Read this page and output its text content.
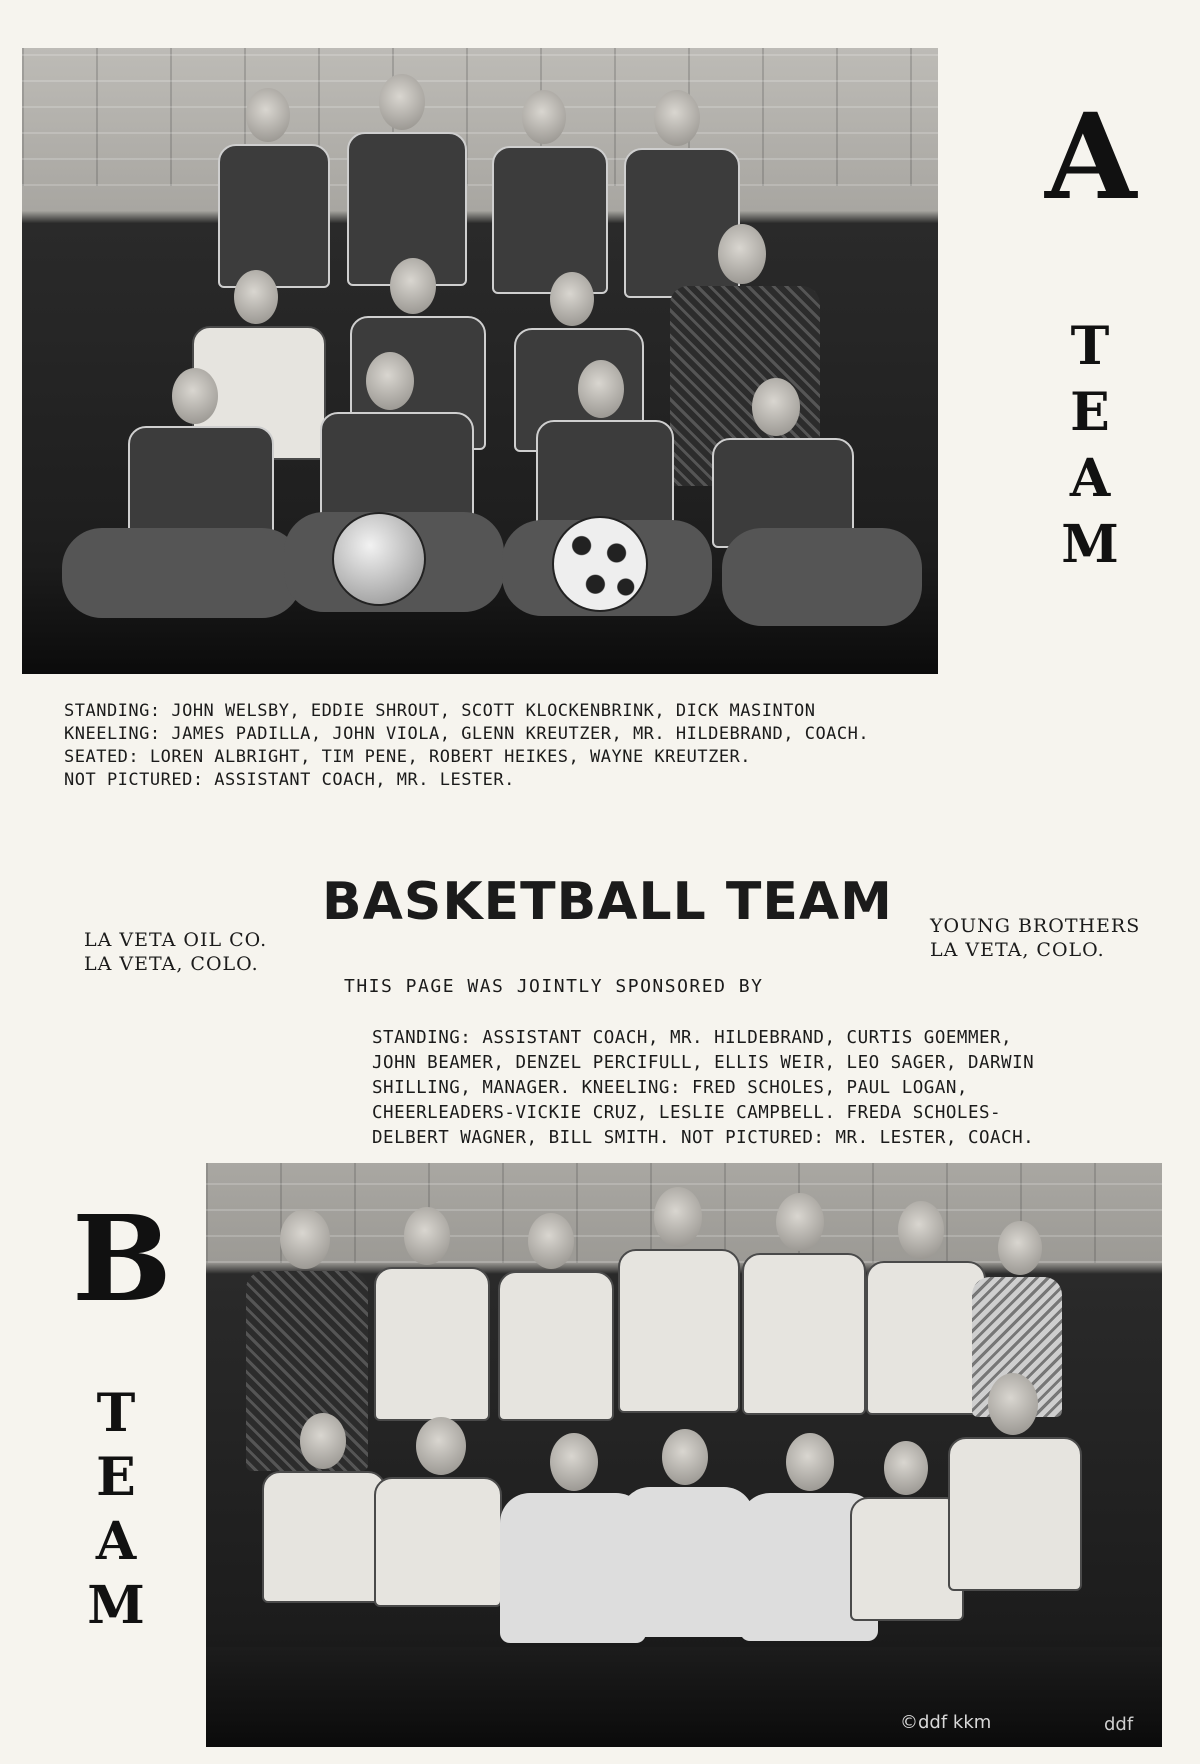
A
T
E
A
M
STANDING: JOHN WELSBY, EDDIE SHROUT, SCOTT KLOCKENBRINK, DICK MASINTON
KNEELING: JAMES PADILLA, JOHN VIOLA, GLENN KREUTZER, MR. HILDEBRAND, COACH.
SEATED: LOREN ALBRIGHT, TIM PENE, ROBERT HEIKES, WAYNE KREUTZER.
NOT PICTURED: ASSISTANT COACH, MR. LESTER.
BASKETBALL TEAM
LA VETA OIL CO.
LA VETA, COLO.
YOUNG BROTHERS
LA VETA, COLO.
THIS PAGE WAS JOINTLY SPONSORED BY
STANDING: ASSISTANT COACH, MR. HILDEBRAND, CURTIS GOEMMER,
JOHN BEAMER, DENZEL PERCIFULL, ELLIS WEIR, LEO SAGER, DARWIN
SHILLING, MANAGER. KNEELING: FRED SCHOLES, PAUL LOGAN,
CHEERLEADERS-VICKIE CRUZ, LESLIE CAMPBELL. FREDA SCHOLES-
DELBERT WAGNER, BILL SMITH. NOT PICTURED: MR. LESTER, COACH.
B
T
E
A
M
©ddf kkm	ddf
